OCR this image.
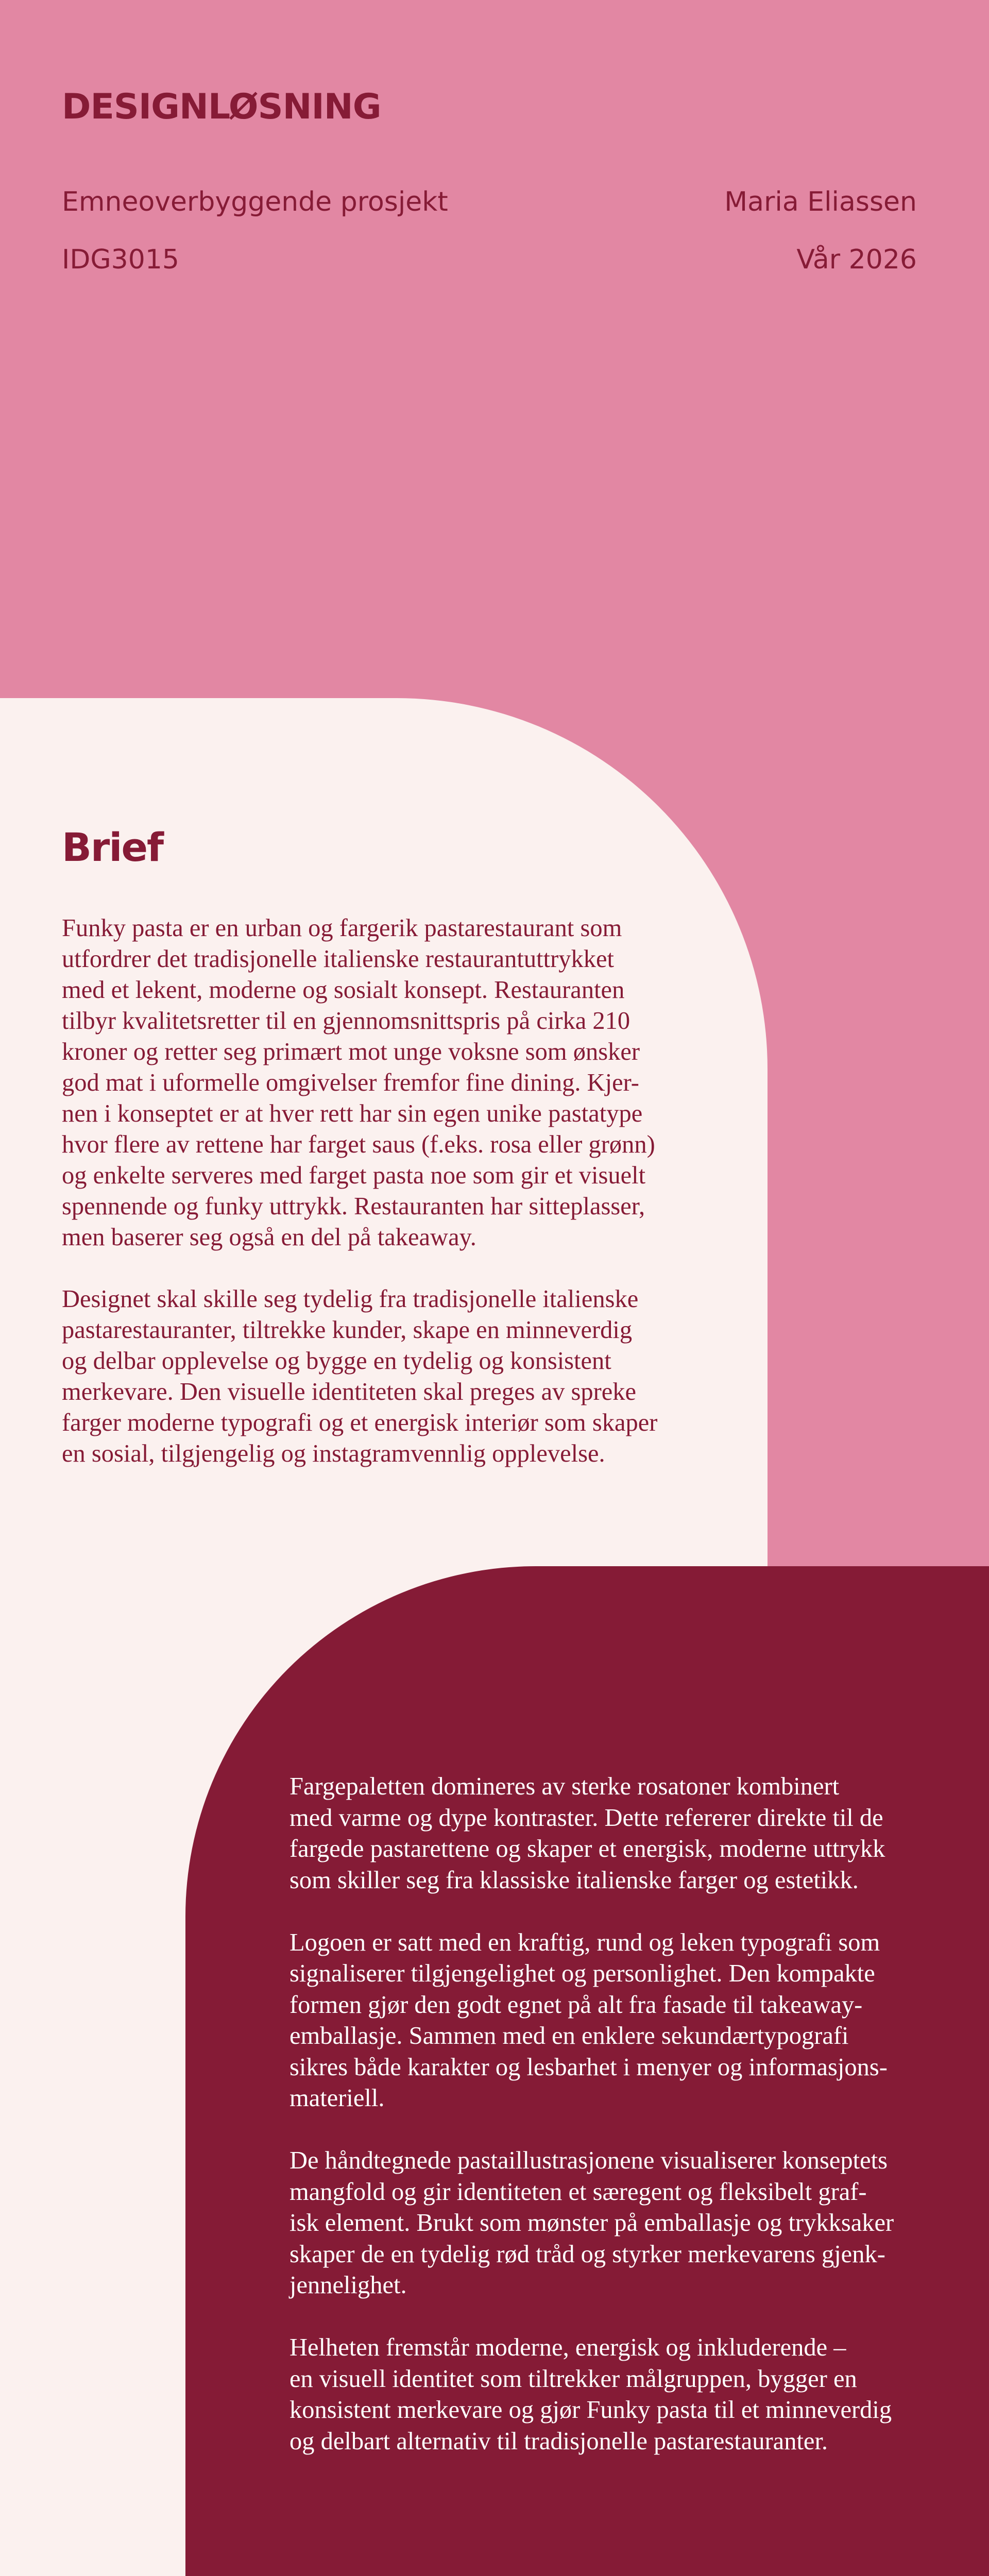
DESIGNLØSNING
Emneoverbyggende prosjekt
IDG3015
Maria Eliassen
Vår 2026
Brief

Funky pasta er en urban og fargerik pastarestaurant som
utfordrer det tradisjonelle italienske restaurantuttrykket
med et lekent, moderne og sosialt konsept. Restauranten
tilbyr kvalitetsretter til en gjennomsnittspris på cirka 210
kroner og retter seg primært mot unge voksne som ønsker
god mat i uformelle omgivelser fremfor fine dining. Kjer-
nen i konseptet er at hver rett har sin egen unike pastatype
hvor flere av rettene har farget saus (f.eks. rosa eller grønn)
og enkelte serveres med farget pasta noe som gir et visuelt
spennende og funky uttrykk. Restauranten har sitteplasser,
men baserer seg også en del på takeaway.

Designet skal skille seg tydelig fra tradisjonelle italienske
pastarestauranter, tiltrekke kunder, skape en minneverdig
og delbar opplevelse og bygge en tydelig og konsistent
merkevare. Den visuelle identiteten skal preges av spreke
farger moderne typografi og et energisk interiør som skaper
en sosial, tilgjengelig og instagramvennlig opplevelse.

Fargepaletten domineres av sterke rosatoner kombinert
med varme og dype kontraster. Dette refererer direkte til de
fargede pastarettene og skaper et energisk, moderne uttrykk
som skiller seg fra klassiske italienske farger og estetikk.

Logoen er satt med en kraftig, rund og leken typografi som
signaliserer tilgjengelighet og personlighet. Den kompakte
formen gjør den godt egnet på alt fra fasade til takeaway-
emballasje. Sammen med en enklere sekundærtypografi
sikres både karakter og lesbarhet i menyer og informasjons-
materiell.

De håndtegnede pastaillustrasjonene visualiserer konseptets
mangfold og gir identiteten et særegent og fleksibelt graf-
isk element. Brukt som mønster på emballasje og trykksaker
skaper de en tydelig rød tråd og styrker merkevarens gjenk-
jennelighet.

Helheten fremstår moderne, energisk og inkluderende –
en visuell identitet som tiltrekker målgruppen, bygger en
konsistent merkevare og gjør Funky pasta til et minneverdig
og delbart alternativ til tradisjonelle pastarestauranter.
